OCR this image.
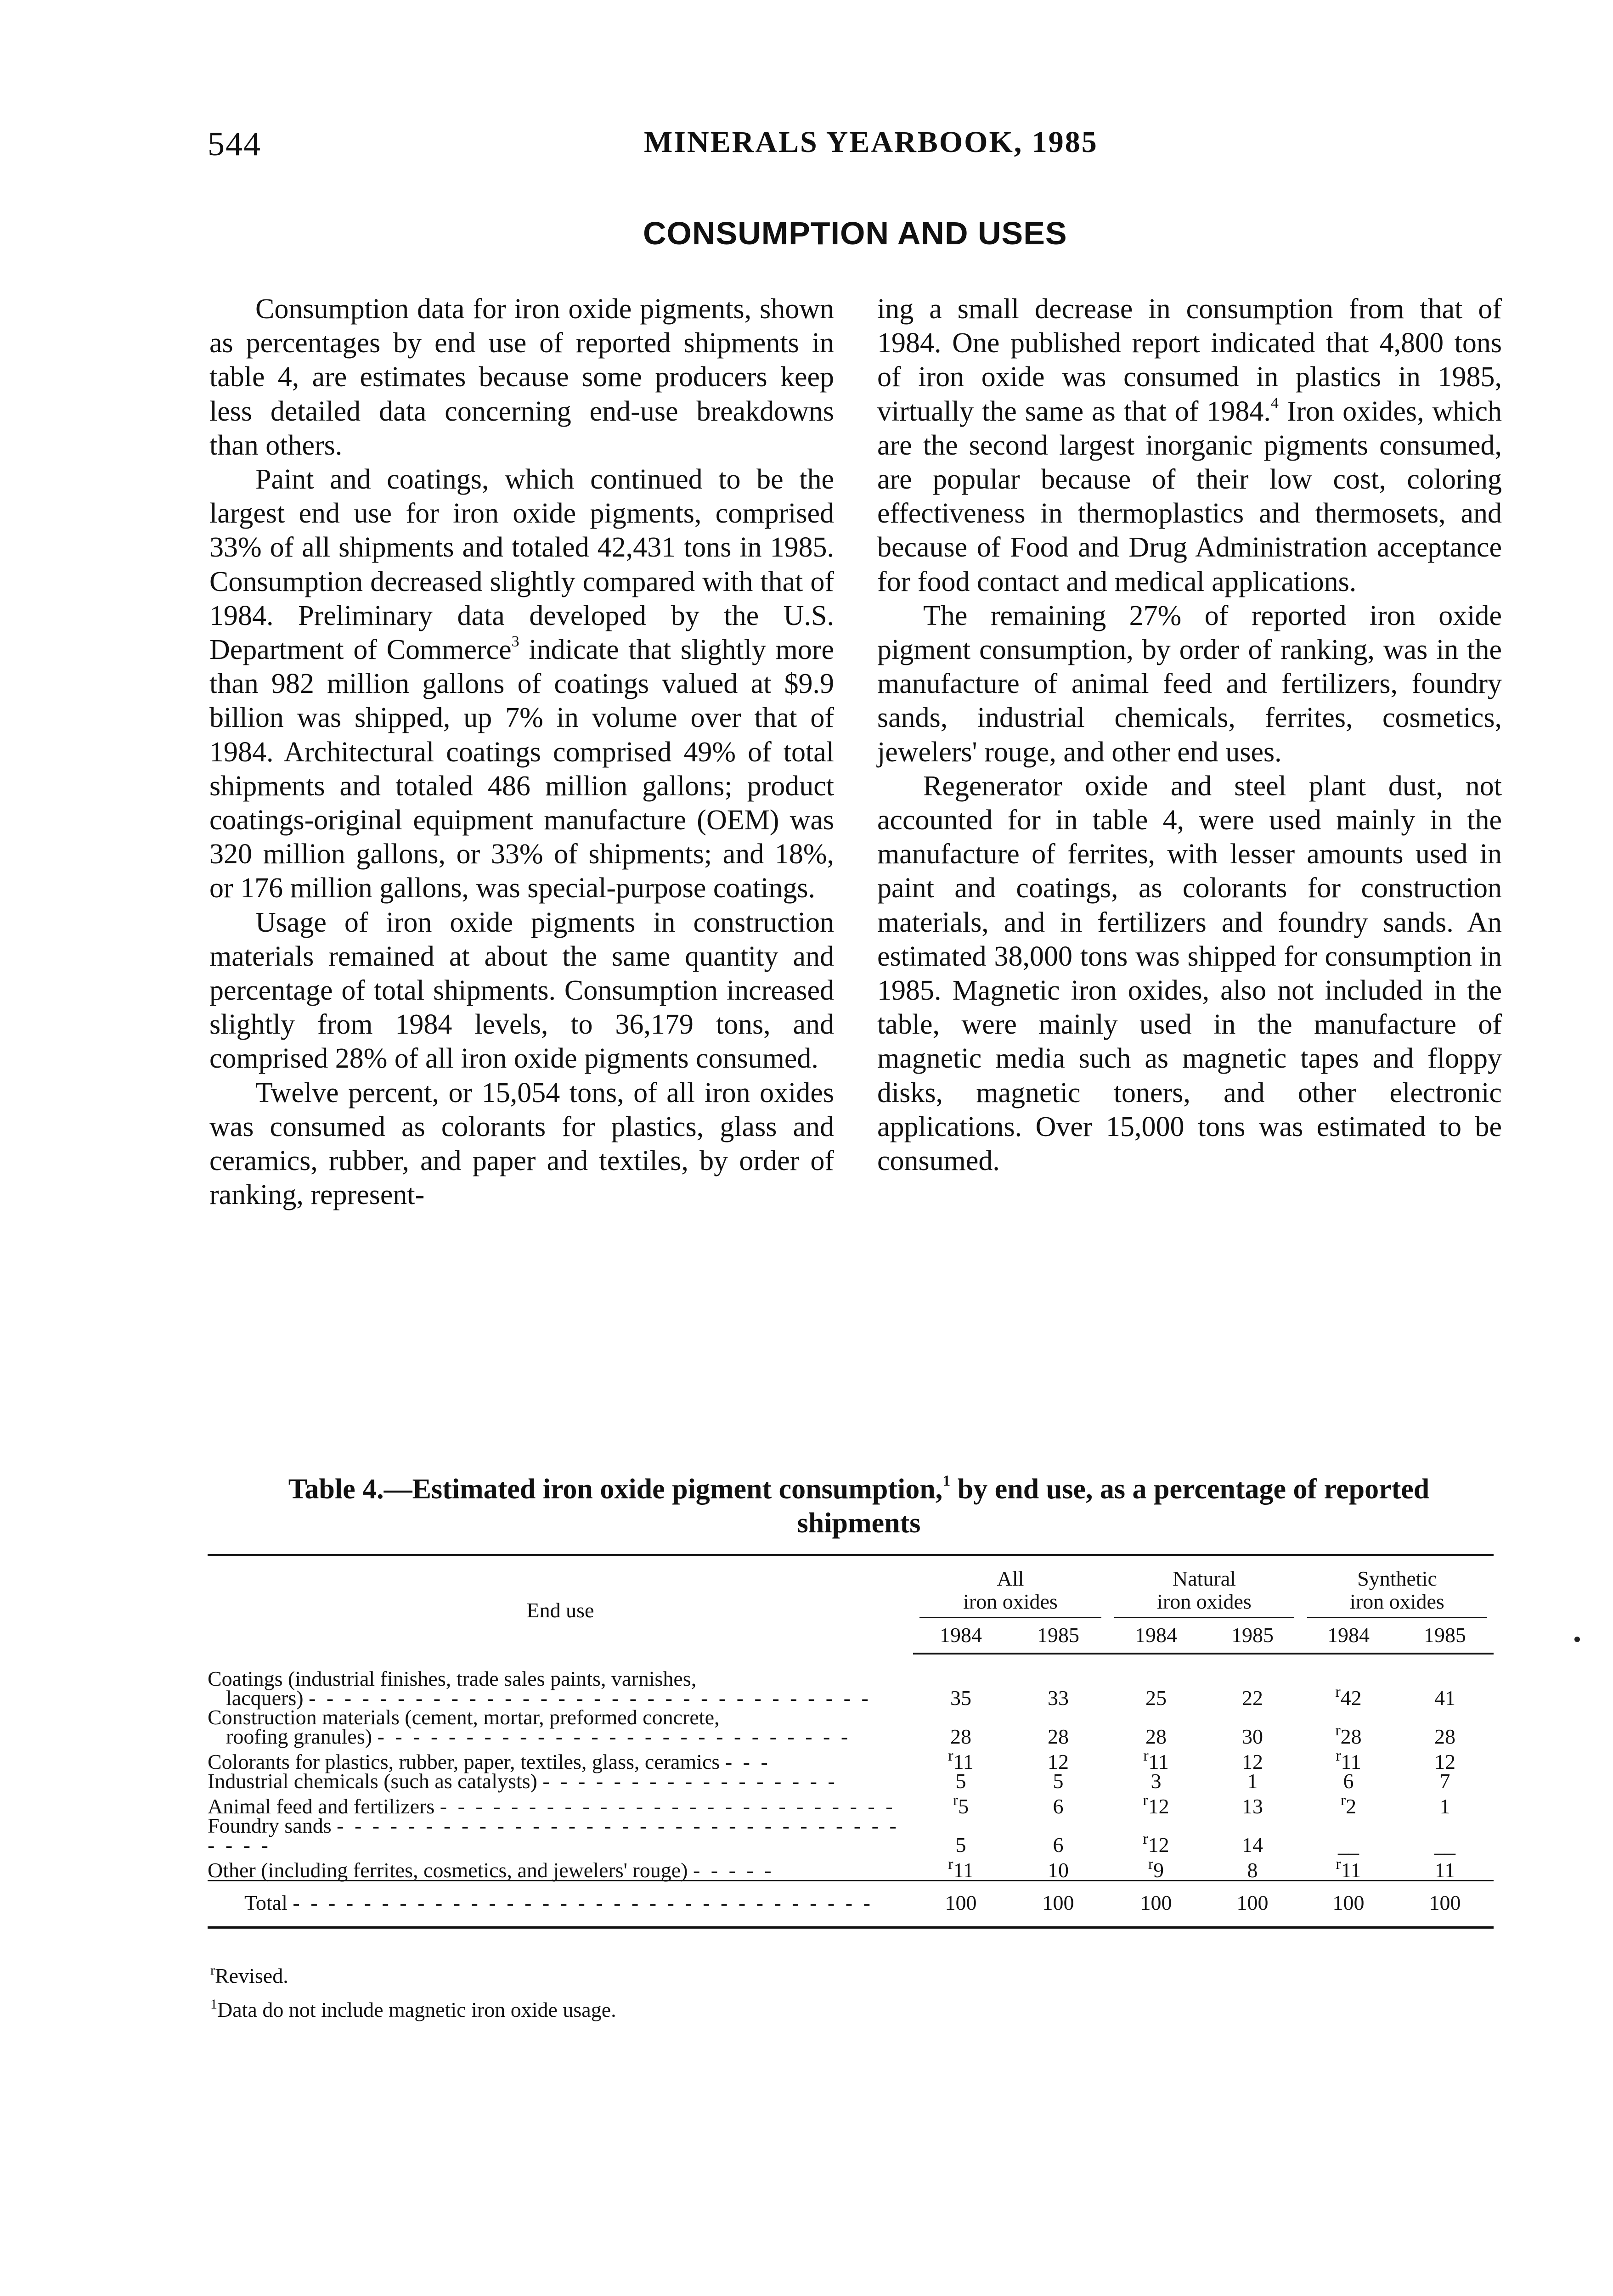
544	MINERALS YEARBOOK, 1985
CONSUMPTION AND USES

Consumption data for iron oxide pigments, shown as percentages by end use of reported shipments in table 4, are estimates because some producers keep less detailed data concerning end-use breakdowns than others.

Paint and coatings, which continued to be the largest end use for iron oxide pigments, comprised 33% of all shipments and totaled 42,431 tons in 1985. Consumption decreased slightly compared with that of 1984. Preliminary data developed by the U.S. Department of Commerce$^3$ indicate that slightly more than 982 million gallons of coatings valued at $9.9 billion was shipped, up 7% in volume over that of 1984. Architectural coatings comprised 49% of total shipments and totaled 486 million gallons; product coatings-original equipment manufacture (OEM) was 320 million gallons, or 33% of shipments; and 18%, or 176 million gallons, was special-purpose coatings.

Usage of iron oxide pigments in construction materials remained at about the same quantity and percentage of total shipments. Consumption increased slightly from 1984 levels, to 36,179 tons, and comprised 28% of all iron oxide pigments consumed.

Twelve percent, or 15,054 tons, of all iron oxides was consumed as colorants for plastics, glass and ceramics, rubber, and paper and textiles, by order of ranking, represent-

ing a small decrease in consumption from that of 1984. One published report indicated that 4,800 tons of iron oxide was consumed in plastics in 1985, virtually the same as that of 1984.$^4$ Iron oxides, which are the second largest inorganic pigments consumed, are popular because of their low cost, coloring effectiveness in thermoplastics and thermosets, and because of Food and Drug Administration acceptance for food contact and medical applications.

The remaining 27% of reported iron oxide pigment consumption, by order of ranking, was in the manufacture of animal feed and fertilizers, foundry sands, industrial chemicals, ferrites, cosmetics, jewelers' rouge, and other end uses.

Regenerator oxide and steel plant dust, not accounted for in table 4, were used mainly in the manufacture of ferrites, with lesser amounts used in paint and coatings, as colorants for construction materials, and in fertilizers and foundry sands. An estimated 38,000 tons was shipped for consumption in 1985. Magnetic iron oxides, also not included in the table, were mainly used in the manufacture of magnetic media such as magnetic tapes and floppy disks, magnetic toners, and other electronic applications. Over 15,000 tons was estimated to be consumed.

Table 4.—Estimated iron oxide pigment consumption,$^1$ by end use, as a percentage of reported shipments
End use	All
iron oxides		Natural
iron oxides		Synthetic
iron oxides	

	1984	1985	1984	1985	1984	1985
Coatings (industrial finishes, trade sales paints, varnishes,
lacquers) - - - - - - - - - - - - - - - - - - - - - - - - - - - - - - - -	35	33	25	22	$^r$42	41
Construction materials (cement, mortar, preformed concrete,
roofing granules) - - - - - - - - - - - - - - - - - - - - - - - - - - -	28	28	28	30	$^r$28	28
Colorants for plastics, rubber, paper, textiles, glass, ceramics - - -	$^r$11	12	$^r$11	12	$^r$11	12
Industrial chemicals (such as catalysts) - - - - - - - - - - - - - - - - -	5	5	3	1	6	7
Animal feed and fertilizers - - - - - - - - - - - - - - - - - - - - - - - - - -	$^r$5	6	$^r$12	13	$^r$2	1
Foundry sands - - - - - - - - - - - - - - - - - - - - - - - - - - - - - - - - - - - -	5	6	$^r$12	14	__	__
Other (including ferrites, cosmetics, and jewelers' rouge) - - - - -	$^r$11	10	$^r$9	8	$^r$11	11
Total - - - - - - - - - - - - - - - - - - - - - - - - - - - - - - - - -	100	100	100	100	100	100
$^r$Revised.
$^1$Data do not include magnetic iron oxide usage.
